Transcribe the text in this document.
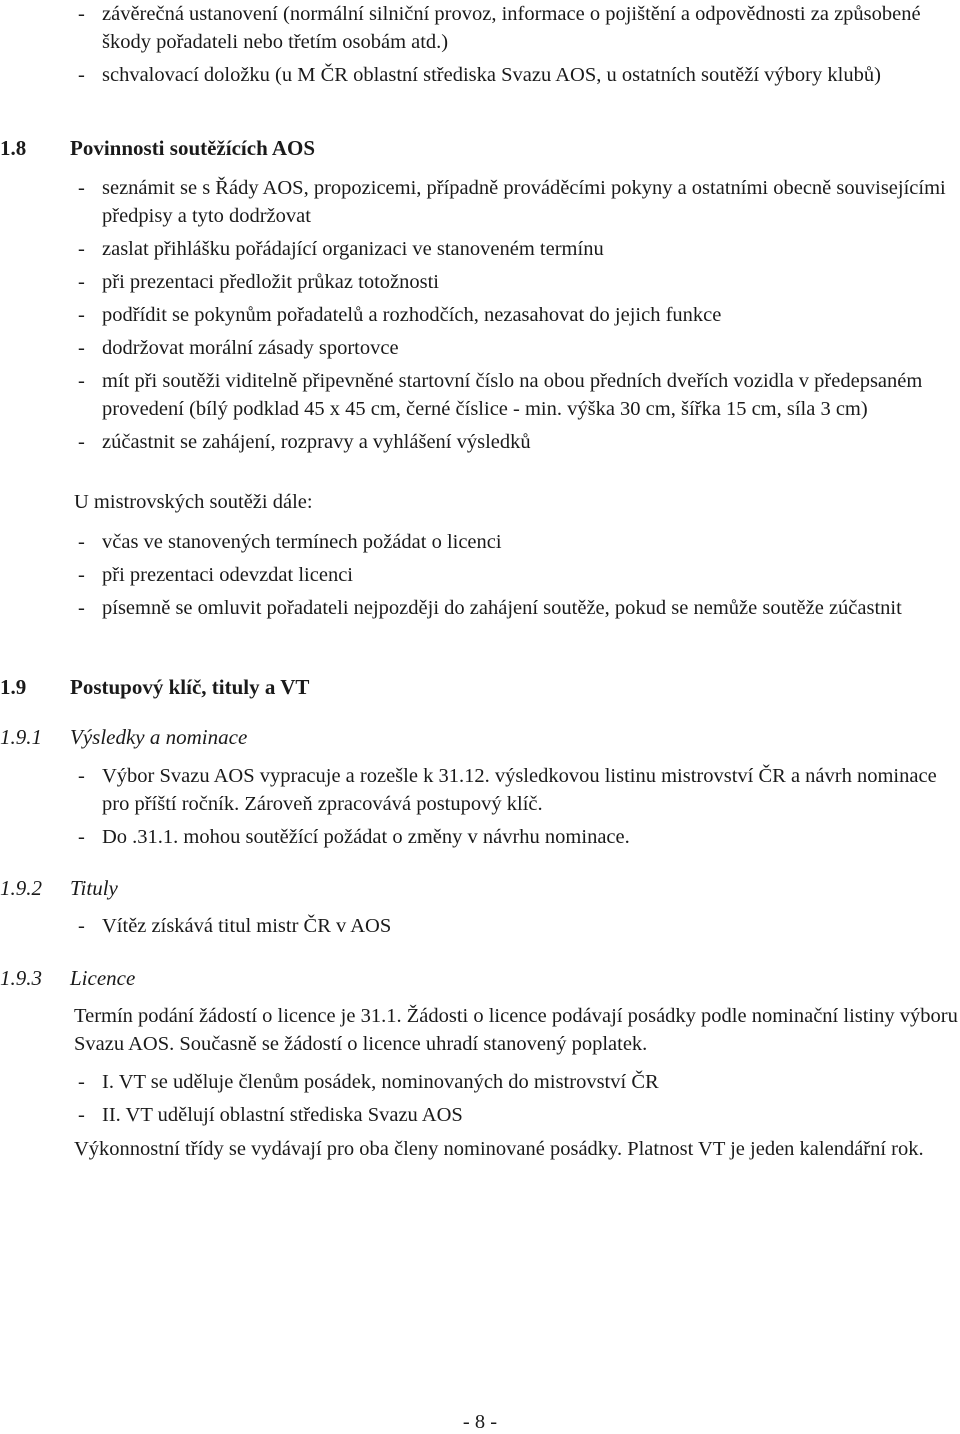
- závěrečná ustanovení (normální silniční provoz, informace o pojištění a odpovědnosti za způsobené škody pořadateli nebo třetím osobám atd.)
- schvalovací doložku (u M ČR oblastní střediska Svazu AOS, u ostatních soutěží výbory klubů)
1.8 Povinnosti soutěžících AOS
- seznámit se s Řády AOS, propozicemi, případně prováděcími pokyny a ostatními obecně souvisejícími předpisy a tyto dodržovat
- zaslat přihlášku pořádající organizaci ve stanoveném termínu
- při prezentaci předložit průkaz totožnosti
- podřídit se pokynům pořadatelů a rozhodčích, nezasahovat do jejich funkce
- dodržovat morální zásady sportovce
- mít při soutěži viditelně připevněné startovní číslo na obou předních dveřích vozidla v předepsaném provedení (bílý podklad 45 x 45 cm, černé číslice - min. výška 30 cm, šířka 15 cm, síla 3 cm)
- zúčastnit se zahájení, rozpravy a vyhlášení výsledků
U mistrovských soutěži dále:
- včas ve stanovených termínech požádat o licenci
- při prezentaci odevzdat licenci
- písemně se omluvit pořadateli nejpozději do zahájení soutěže, pokud se nemůže soutěže zúčastnit
1.9 Postupový klíč, tituly a VT
1.9.1 Výsledky a nominace
- Výbor Svazu AOS vypracuje a rozešle k 31.12. výsledkovou listinu mistrovství ČR a návrh nominace pro příští ročník. Zároveň zpracovává postupový klíč.
- Do .31.1. mohou soutěžící požádat o změny v návrhu nominace.
1.9.2 Tituly
- Vítěz získává titul mistr ČR v AOS
1.9.3 Licence
Termín podání žádostí o licence je 31.1. Žádosti o licence podávají posádky podle nominační listiny výboru Svazu AOS. Současně se žádostí o licence uhradí stanovený poplatek.
- I. VT se uděluje členům posádek, nominovaných do mistrovství ČR
- II. VT udělují oblastní střediska Svazu AOS
Výkonnostní třídy se vydávají pro oba členy nominované posádky. Platnost VT je jeden kalendářní rok.
- 8 -
